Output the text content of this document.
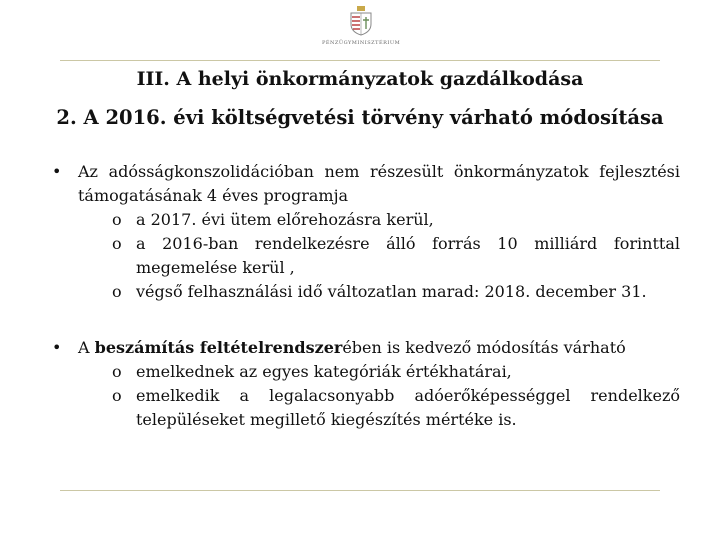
PÉNZÜGYMINISZTÉRIUM
III. A helyi önkormányzatok gazdálkodása
2. A 2016. évi költségvetési törvény várható módosítása
• Az adósságkonszolidációban nem részesült önkormányzatok fejlesztési támogatásának 4 éves programja
o a 2017. évi ütem előrehozásra kerül,
o a 2016-ban rendelkezésre álló forrás 10 milliárd forinttal megemelése kerül ,
o végső felhasználási idő változatlan marad: 2018. december 31.
• A beszámítás feltételrendszerében is kedvező módosítás várható
o emelkednek az egyes kategóriák értékhatárai,
o emelkedik a legalacsonyabb adóerőképességgel rendelkező településeket megillető kiegészítés mértéke is.
